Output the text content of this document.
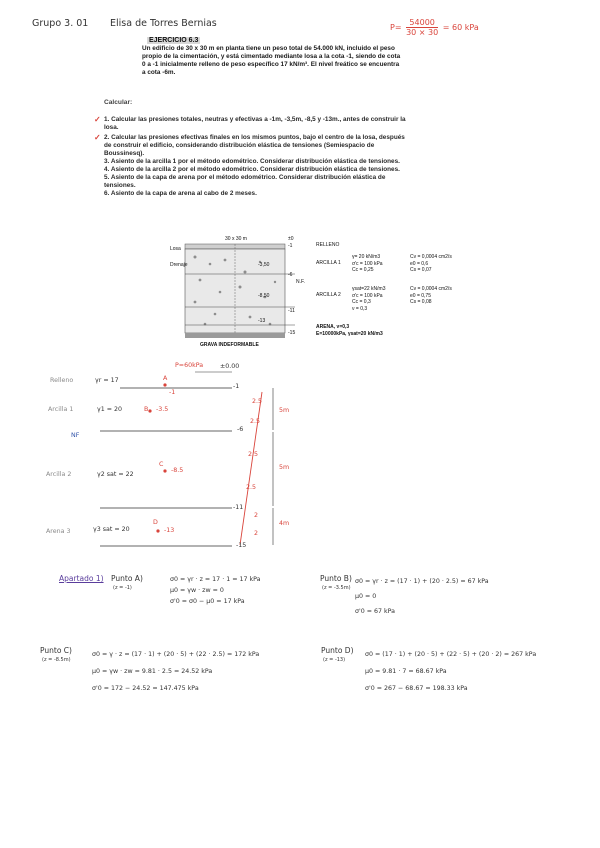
Grupo 3. 01 Elisa de Torres Bernias	$P= \frac{54000}{30 \times 30} = 60$ kPa
EJERCICIO 6.3
Un edificio de 30 x 30 m en planta tiene un peso total de 54.000 kN, incluido el peso
propio de la cimentación, y está cimentado mediante losa a la cota -1, siendo de cota
0 a -1 inicialmente relleno de peso específico 17 kN/m³. El nivel freático se encuentra
a cota -6m.
Calcular:
✓ 1. Calcular las presiones totales, neutras y efectivas a -1m, -3,5m, -8,5 y -13m., antes de construir la
losa.
✓ 2. Calcular las presiones efectivas finales en los mismos puntos, bajo el centro de la losa, después
de construir el edificio, considerando distribución elástica de tensiones (Semiespacio de
Boussinesq).
3. Asiento de la arcilla 1 por el método edométrico. Considerar distribución elástica de tensiones.
4. Asiento de la arcilla 2 por el método edométrico. Considerar distribución elástica de tensiones.
5. Asiento de la capa de arena por el método edométrico. Considerar distribución elástica de
tensiones.
6. Asiento de la capa de arena al cabo de 2 meses.
30 x 30 m
Losa
Drenaje
±0
-1
-3,50
-6
N.F.
-8,50
-11
-13
-15
GRAVA INDEFORMABLE
RELLENO
ARCILLA 1
γ= 20 kN/m3
σ'c = 100 kPa
Cc = 0,25
Cv = 0,0004 cm2/s
e0 = 0,6
Cs = 0,07
ARCILLA 2
γsat=22 kN/m3
σ'c = 100 kPa
Cc = 0,3
ν = 0,3
Cv = 0,0004 cm2/s
e0 = 0,75
Cs = 0,08
ARENA, ν=0,3
E=10000kPa, γsat=20 kN/m3
P=60kPa	±0.00
Relleno	γr = 17
Arcilla 1	γ1 = 20
NF
Arcilla 2	γ2 sat = 22
Arena 3	γ3 sat = 20
A
-1
B -3.5
C
-8.5
D
-13
-1
-6
-11
-15
2.5
2.5
2.5
2.5
2
2
5m
5m
4m
Apartado 1) Punto A)
(z = -1)
σ0 = γr · z = 17 · 1 = 17 kPa
μ0 = γw · zw = 0
σ'0 = σ0 − μ0 = 17 kPa
Punto B)
(z = -3.5m)
σ0 = γr · z = (17 · 1) + (20 · 2.5) = 67 kPa
μ0 = 0
σ'0 = 67 kPa
Punto C)
(z = -8.5m)
σ0 = γ · z = (17 · 1) + (20 · 5) + (22 · 2.5) = 172 kPa
μ0 = γw · zw = 9.81 · 2.5 = 24.52 kPa
σ'0 = 172 − 24.52 = 147.475 kPa
Punto D)
(z = -13)
σ0 = (17 · 1) + (20 · 5) + (22 · 5) + (20 · 2) = 267 kPa
μ0 = 9.81 · 7 = 68.67 kPa
σ'0 = 267 − 68.67 = 198.33 kPa
